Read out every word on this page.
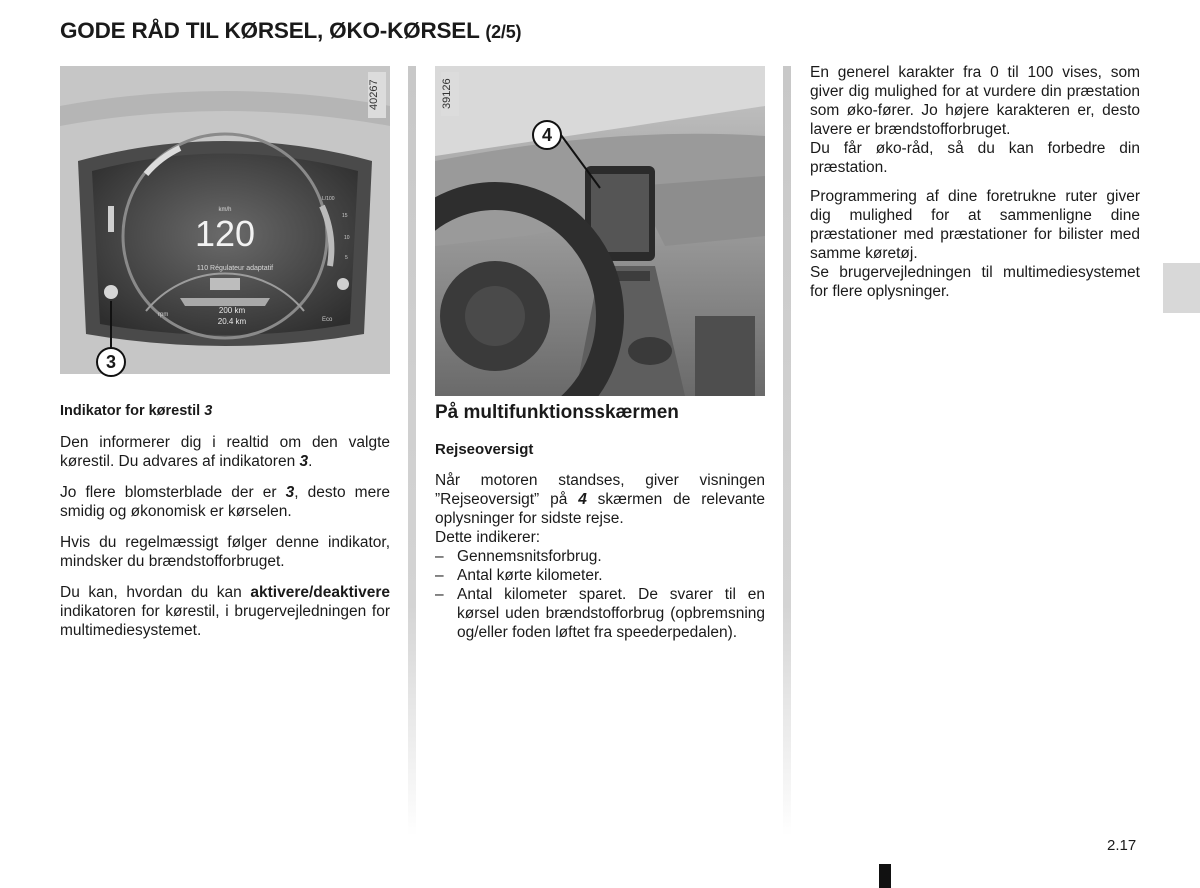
GODE RÅD TIL KØRSEL, ØKO-KØRSEL (2/5)
120
km/h
110 Régulateur adaptatif
200 km
20.4 km	Eco
rpm
L/100
15
10
5
40267
3
39126
4
Indikator for kørestil 3

Den informerer dig i realtid om den valgte kørestil. Du advares af indikatoren 3.

Jo flere blomsterblade der er 3, desto mere smidig og økonomisk er kørselen.

Hvis du regelmæssigt følger denne indikator, mindsker du brændstofforbruget.

Du kan, hvordan du kan aktivere/deaktivere indikatoren for kørestil, i brugervejledningen for multimediesystemet.

På multifunktionsskærmen
Rejseoversigt

Når motoren standses, giver visningen ”Rejseoversigt” på 4 skærmen de relevante oplysninger for sidste rejse.

Dette indikerer:

– Gennemsnitsforbrug.
– Antal kørte kilometer.
– Antal kilometer sparet. De svarer til en kørsel uden brændstofforbrug (opbremsning og/eller foden løftet fra speederpedalen).

En generel karakter fra 0 til 100 vises, som giver dig mulighed for at vurdere din præstation som øko-fører. Jo højere karakteren er, desto lavere er brændstofforbruget.

Du får øko-råd, så du kan forbedre din præstation.

Programmering af dine foretrukne ruter giver dig mulighed for at sammenligne dine præstationer med præstationer for bilister med samme køretøj.

Se brugervejledningen til multimediesystemet for flere oplysninger.

2.17
